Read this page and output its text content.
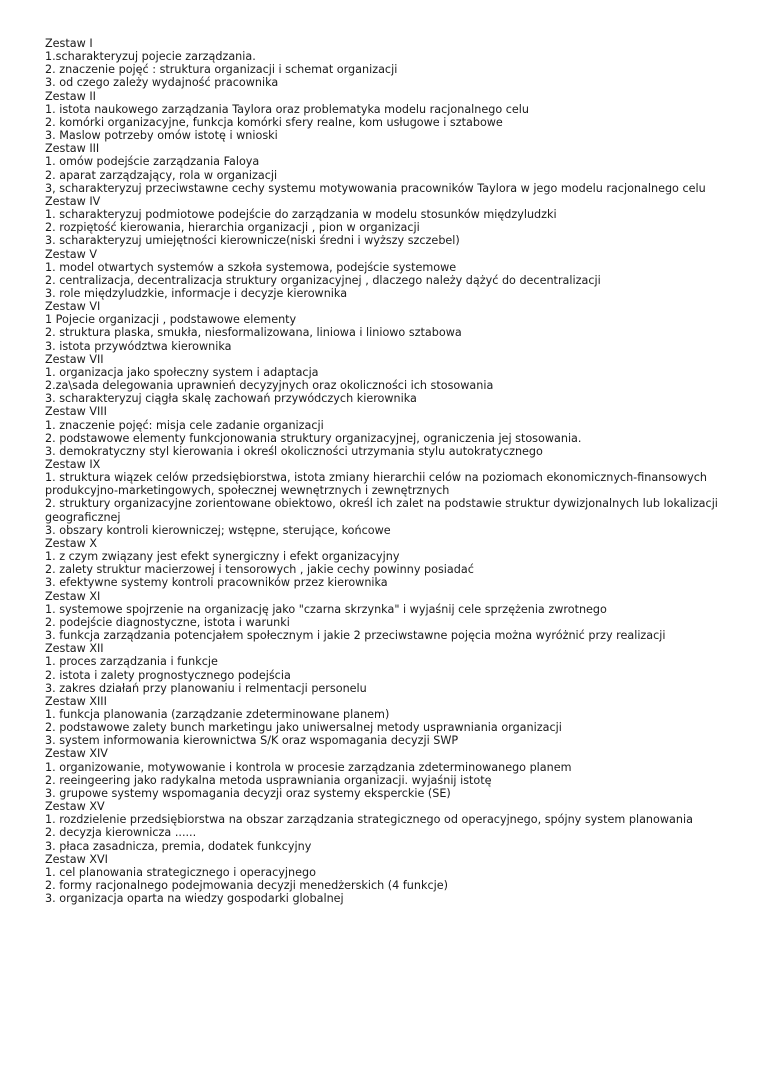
Zestaw I
1.scharakteryzuj pojecie zarządzania.
2. znaczenie pojęć : struktura organizacji i schemat organizacji
3. od czego zależy wydajność pracownika
Zestaw II
1. istota naukowego zarządzania Taylora oraz problematyka modelu racjonalnego celu
2. komórki organizacyjne, funkcja komórki sfery realne, kom usługowe i sztabowe
3. Maslow potrzeby omów istotę i wnioski
Zestaw III
1. omów podejście zarządzania Faloya
2. aparat zarządzający, rola w organizacji
3, scharakteryzuj przeciwstawne cechy systemu motywowania pracowników Taylora w jego modelu racjonalnego celu
Zestaw IV
1. scharakteryzuj podmiotowe podejście do zarządzania w modelu stosunków międzyludzki
2. rozpiętość kierowania, hierarchia organizacji , pion w organizacji
3. scharakteryzuj umiejętności kierownicze(niski średni i wyższy szczebel)
Zestaw V
1. model otwartych systemów a szkoła systemowa, podejście systemowe
2. centralizacja, decentralizacja struktury organizacyjnej , dlaczego należy dążyć do decentralizacji
3. role międzyludzkie, informacje i decyzje kierownika
Zestaw VI
1 Pojecie organizacji , podstawowe elementy
2. struktura plaska, smukła, niesformalizowana, liniowa i liniowo sztabowa
3. istota przywództwa kierownika
Zestaw VII
1. organizacja jako społeczny system i adaptacja
2.za\sada delegowania uprawnień decyzyjnych oraz okoliczności ich stosowania
3. scharakteryzuj ciągła skalę zachowań przywódczych kierownika
Zestaw VIII
1. znaczenie pojęć: misja cele zadanie organizacji
2. podstawowe elementy funkcjonowania struktury organizacyjnej, ograniczenia jej stosowania.
3. demokratyczny styl kierowania i określ okoliczności utrzymania stylu autokratycznego
Zestaw IX
1. struktura wiązek celów przedsiębiorstwa, istota zmiany hierarchii celów na poziomach ekonomicznych-finansowych produkcyjno-marketingowych, społecznej wewnętrznych i zewnętrznych
2. struktury organizacyjne zorientowane obiektowo, określ ich zalet na podstawie struktur dywizjonalnych lub lokalizacji geograficznej
3. obszary kontroli kierowniczej; wstępne, sterujące, końcowe
Zestaw X
1. z czym związany jest efekt synergiczny i efekt organizacyjny
2. zalety struktur macierzowej i tensorowych , jakie cechy powinny posiadać
3. efektywne systemy kontroli pracowników przez kierownika
Zestaw XI
1. systemowe spojrzenie na organizację jako "czarna skrzynka" i wyjaśnij cele sprzężenia zwrotnego
2. podejście diagnostyczne, istota i warunki
3. funkcja zarządzania potencjałem społecznym i jakie 2 przeciwstawne pojęcia można wyróżnić przy realizacji
Zestaw XII
1. proces zarządzania i funkcje
2. istota i zalety prognostycznego podejścia
3. zakres działań przy planowaniu i relmentacji personelu
Zestaw XIII
1. funkcja planowania (zarządzanie zdeterminowane planem)
2. podstawowe zalety bunch marketingu jako uniwersalnej metody usprawniania organizacji
3. system informowania kierownictwa S/K oraz wspomagania decyzji SWP
Zestaw XIV
1. organizowanie, motywowanie i kontrola w procesie zarządzania zdeterminowanego planem
2. reeingeering jako radykalna metoda usprawniania organizacji. wyjaśnij istotę
3. grupowe systemy wspomagania decyzji oraz systemy eksperckie (SE)
Zestaw XV
1. rozdzielenie przedsiębiorstwa na obszar zarządzania strategicznego od operacyjnego, spójny system planowania
2. decyzja kierownicza ......
3. płaca zasadnicza, premia, dodatek funkcyjny
Zestaw XVI
1. cel planowania strategicznego i operacyjnego
2. formy racjonalnego podejmowania decyzji menedżerskich (4 funkcje)
3. organizacja oparta na wiedzy gospodarki globalnej
